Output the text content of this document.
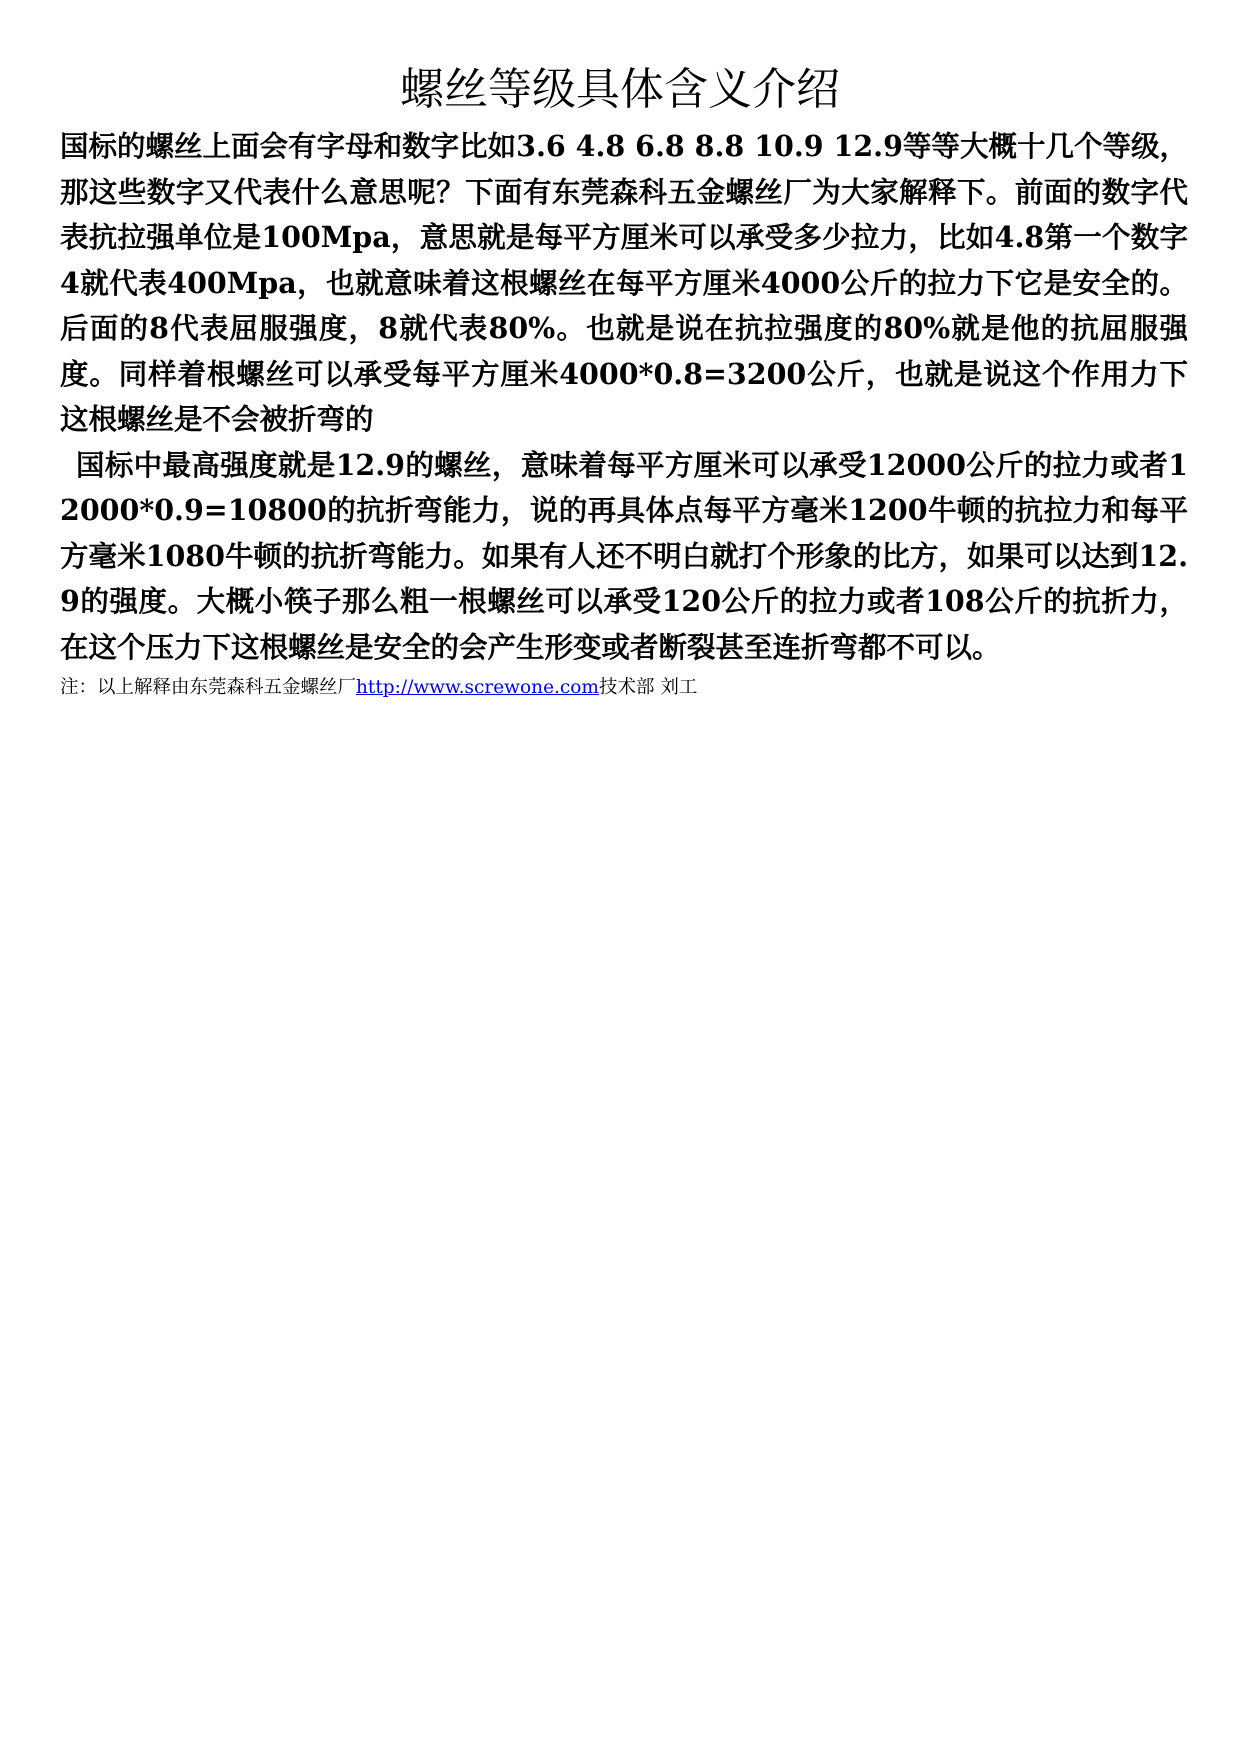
螺丝等级具体含义介绍

国标的螺丝上面会有字母和数字比如3.6 4.8 6.8 8.8 10.9 12.9等等大概十几个等级，那这些数字又代表什么意思呢？下面有东莞森科五金螺丝厂为大家解释下。前面的数字代表抗拉强单位是100Mpa，意思就是每平方厘米可以承受多少拉力，比如4.8第一个数字4就代表400Mpa，也就意味着这根螺丝在每平方厘米4000公斤的拉力下它是安全的。后面的8代表屈服强度，8就代表80%。也就是说在抗拉强度的80%就是他的抗屈服强度。同样着根螺丝可以承受每平方厘米4000*0.8=3200公斤，也就是说这个作用力下这根螺丝是不会被折弯的

国标中最高强度就是12.9的螺丝，意味着每平方厘米可以承受12000公斤的拉力或者12000*0.9=10800的抗折弯能力，说的再具体点每平方毫米1200牛顿的抗拉力和每平方毫米1080牛顿的抗折弯能力。如果有人还不明白就打个形象的比方，如果可以达到12.9的强度。大概小筷子那么粗一根螺丝可以承受120公斤的拉力或者108公斤的抗折力，在这个压力下这根螺丝是安全的会产生形变或者断裂甚至连折弯都不可以。

注：以上解释由东莞森科五金螺丝厂http://www.screwone.com技术部 刘工
